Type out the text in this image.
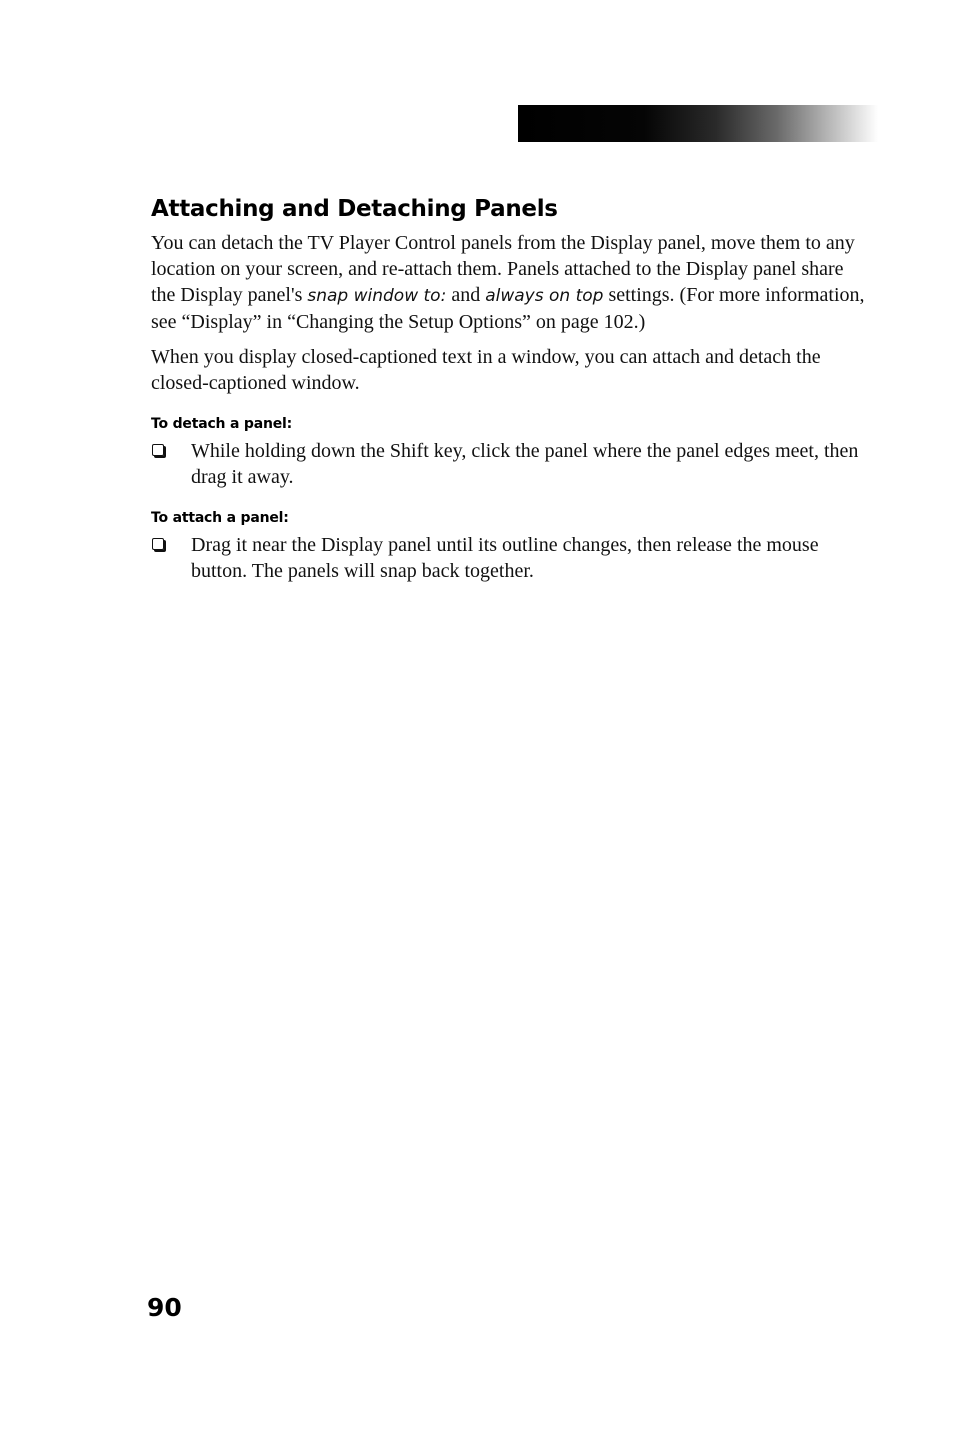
Attaching and Detaching Panels

You can detach the TV Player Control panels from the Display panel, move them to any location on your screen, and re-attach them. Panels attached to the Display panel share the Display panel's snap window to: and always on top settings. (For more information, see “Display” in “Changing the Setup Options” on page 102.)

When you display closed-captioned text in a window, you can attach and detach the closed-captioned window.

To detach a panel:

While holding down the Shift key, click the panel where the panel edges meet, then drag it away.

To attach a panel:

Drag it near the Display panel until its outline changes, then release the mouse button. The panels will snap back together.

90
